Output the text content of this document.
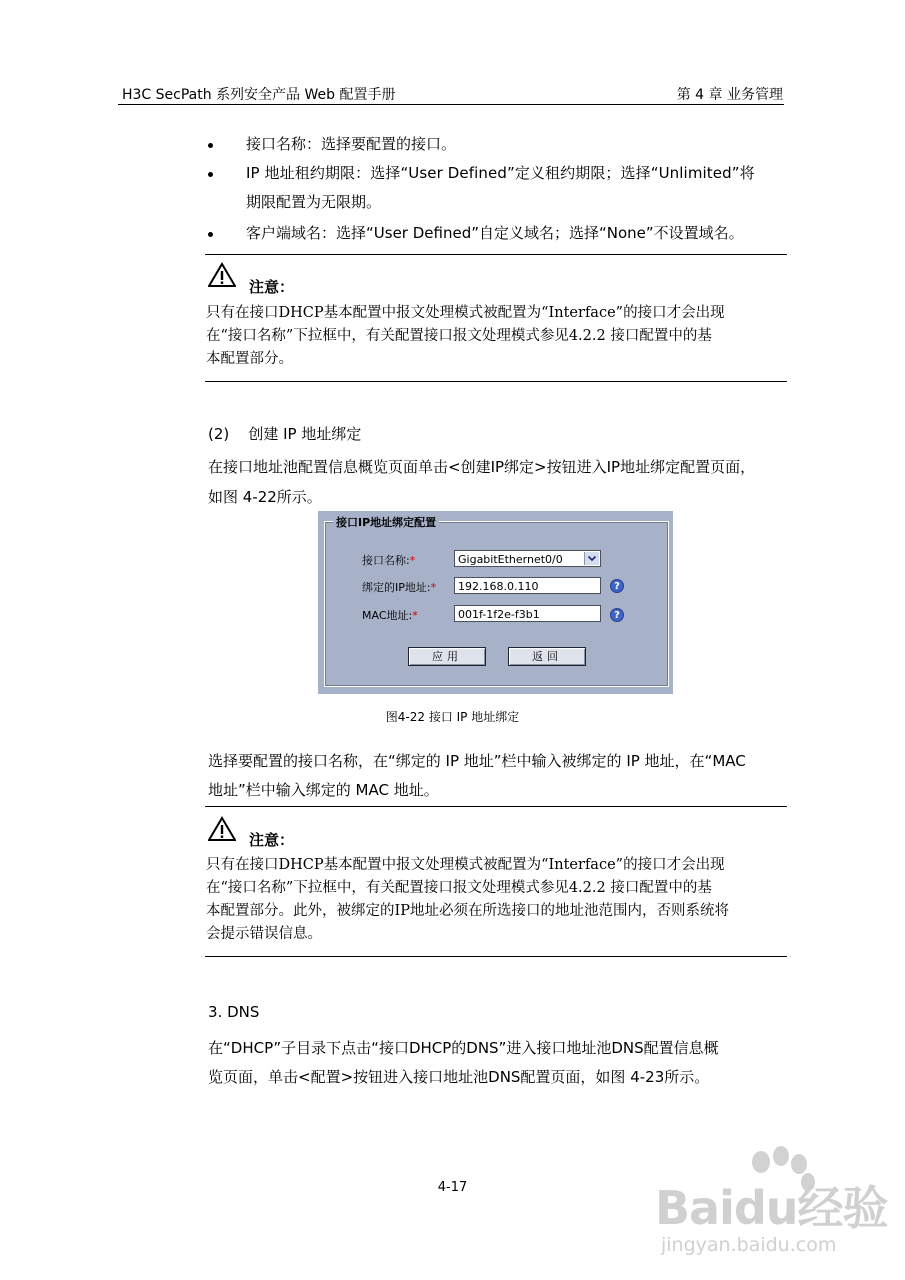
H3C SecPath 系列安全产品 Web 配置手册	第 4 章 业务管理
接口名称：选择要配置的接口。
IP 地址租约期限：选择“User Defined”定义租约期限；选择“Unlimited”将
期限配置为无限期。
客户端域名：选择“User Defined”自定义域名；选择“None”不设置域名。
注意：
只有在接口DHCP基本配置中报文处理模式被配置为“Interface”的接口才会出现
在“接口名称”下拉框中，有关配置接口报文处理模式参见4.2.2 接口配置中的基
本配置部分。
(2)    创建 IP 地址绑定
在接口地址池配置信息概览页面单击<创建IP绑定>按钮进入IP地址绑定配置页面，
如图 4-22所示。
接口IP地址绑定配置
接口名称:*	GigabitEthernet0/0
绑定的IP地址:*	192.168.0.110	?
MAC地址:*	001f-1f2e-f3b1	?
应用	返回
图4-22 接口 IP 地址绑定
选择要配置的接口名称，在“绑定的 IP 地址”栏中输入被绑定的 IP 地址，在“MAC
地址”栏中输入绑定的 MAC 地址。
注意：
只有在接口DHCP基本配置中报文处理模式被配置为“Interface”的接口才会出现
在“接口名称”下拉框中，有关配置接口报文处理模式参见4.2.2 接口配置中的基
本配置部分。此外，被绑定的IP地址必须在所选接口的地址池范围内，否则系统将
会提示错误信息。
3. DNS
在“DHCP”子目录下点击“接口DHCP的DNS”进入接口地址池DNS配置信息概
览页面，单击<配置>按钮进入接口地址池DNS配置页面，如图 4-23所示。
4-17	Baidu经验
jingyan.baidu.com
